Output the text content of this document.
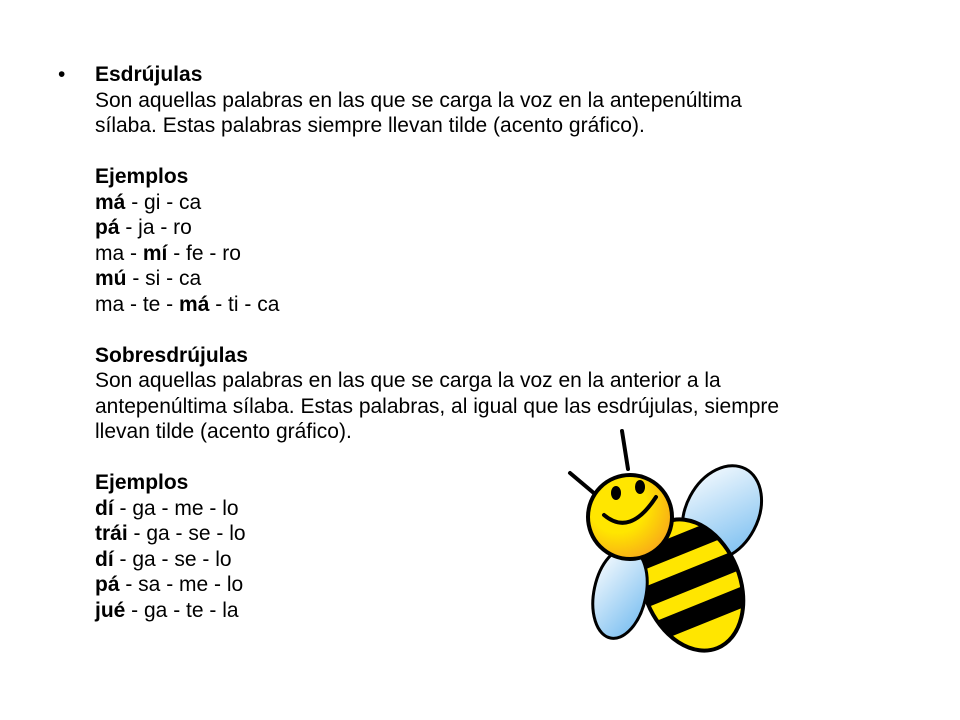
• Esdrújulas
Son aquellas palabras en las que se carga la voz en la antepenúltima
sílaba. Estas palabras siempre llevan tilde (acento gráfico).
Ejemplos
má - gi - ca
pá - ja - ro
ma - mí - fe - ro
mú - si - ca
ma - te - má - ti - ca
Sobresdrújulas
Son aquellas palabras en las que se carga la voz en la anterior a la
antepenúltima sílaba. Estas palabras, al igual que las esdrújulas, siempre
llevan tilde (acento gráfico).
Ejemplos
dí - ga - me - lo
trái - ga - se - lo
dí - ga - se - lo
pá - sa - me - lo
jué - ga - te - la
